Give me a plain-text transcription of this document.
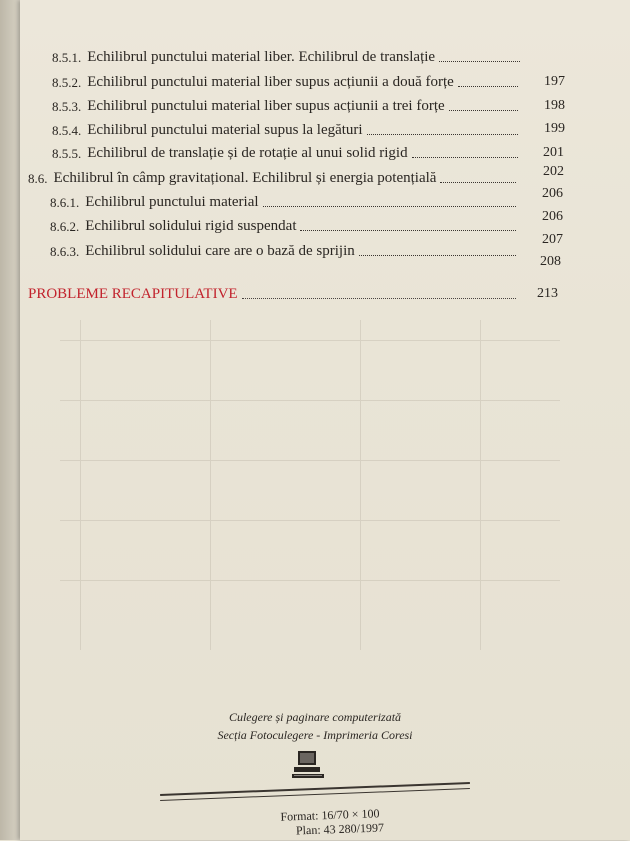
8.5.1. Echilibrul punctului material liber. Echilibrul de translație
197
8.5.2. Echilibrul punctului material liber supus acțiunii a două forțe
198
8.5.3. Echilibrul punctului material liber supus acțiunii a trei forțe
199
8.5.4. Echilibrul punctului material supus la legături
201
8.5.5. Echilibrul de translație și de rotație al unui solid rigid
202
8.6. Echilibrul în câmp gravitațional. Echilibrul și energia potențială
206
8.6.1. Echilibrul punctului material
206
8.6.2. Echilibrul solidului rigid suspendat
207
8.6.3. Echilibrul solidului care are o bază de sprijin
208
PROBLEME RECAPITULATIVE	213
Culegere și paginare computerizată
Secția Fotoculegere - Imprimeria Coresi
Format: 16/70 × 100
Plan: 43 280/1997
